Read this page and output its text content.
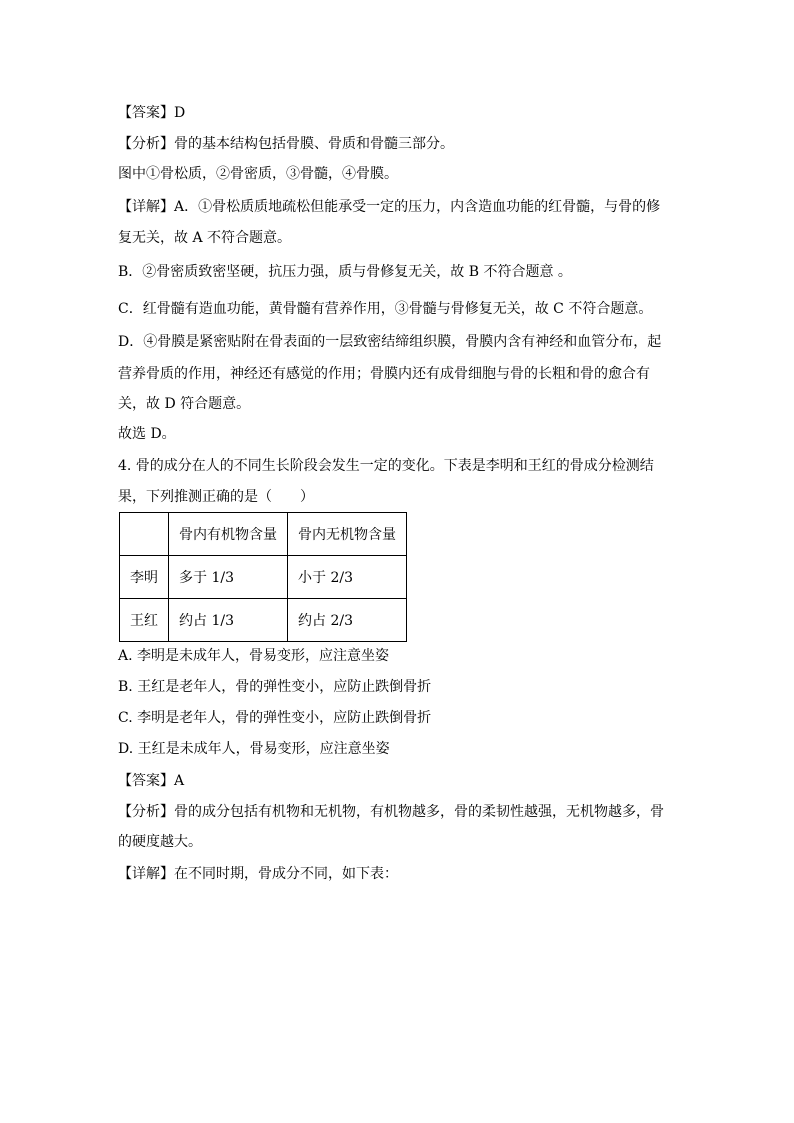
【答案】D
【分析】骨的基本结构包括骨膜、骨质和骨髓三部分。
图中①骨松质，②骨密质，③骨髓，④骨膜。
【详解】A．①骨松质质地疏松但能承受一定的压力，内含造血功能的红骨髓，与骨的修
复无关，故 A 不符合题意。
B．②骨密质致密坚硬，抗压力强，质与骨修复无关，故 B 不符合题意 。
C．红骨髓有造血功能，黄骨髓有营养作用，③骨髓与骨修复无关，故 C 不符合题意。
D．④骨膜是紧密贴附在骨表面的一层致密结缔组织膜，骨膜内含有神经和血管分布，起
营养骨质的作用，神经还有感觉的作用；骨膜内还有成骨细胞与骨的长粗和骨的愈合有
关，故 D 符合题意。
故选 D。
4. 骨的成分在人的不同生长阶段会发生一定的变化。下表是李明和王红的骨成分检测结
果，下列推测正确的是（　　）
	骨内有机物含量	骨内无机物含量
李明	多于 1/3	小于 2/3
王红	约占 1/3	约占 2/3
A. 李明是未成年人，骨易变形，应注意坐姿
B. 王红是老年人，骨的弹性变小，应防止跌倒骨折
C. 李明是老年人，骨的弹性变小，应防止跌倒骨折
D. 王红是未成年人，骨易变形，应注意坐姿
【答案】A
【分析】骨的成分包括有机物和无机物，有机物越多，骨的柔韧性越强，无机物越多，骨
的硬度越大。
【详解】在不同时期，骨成分不同，如下表：
